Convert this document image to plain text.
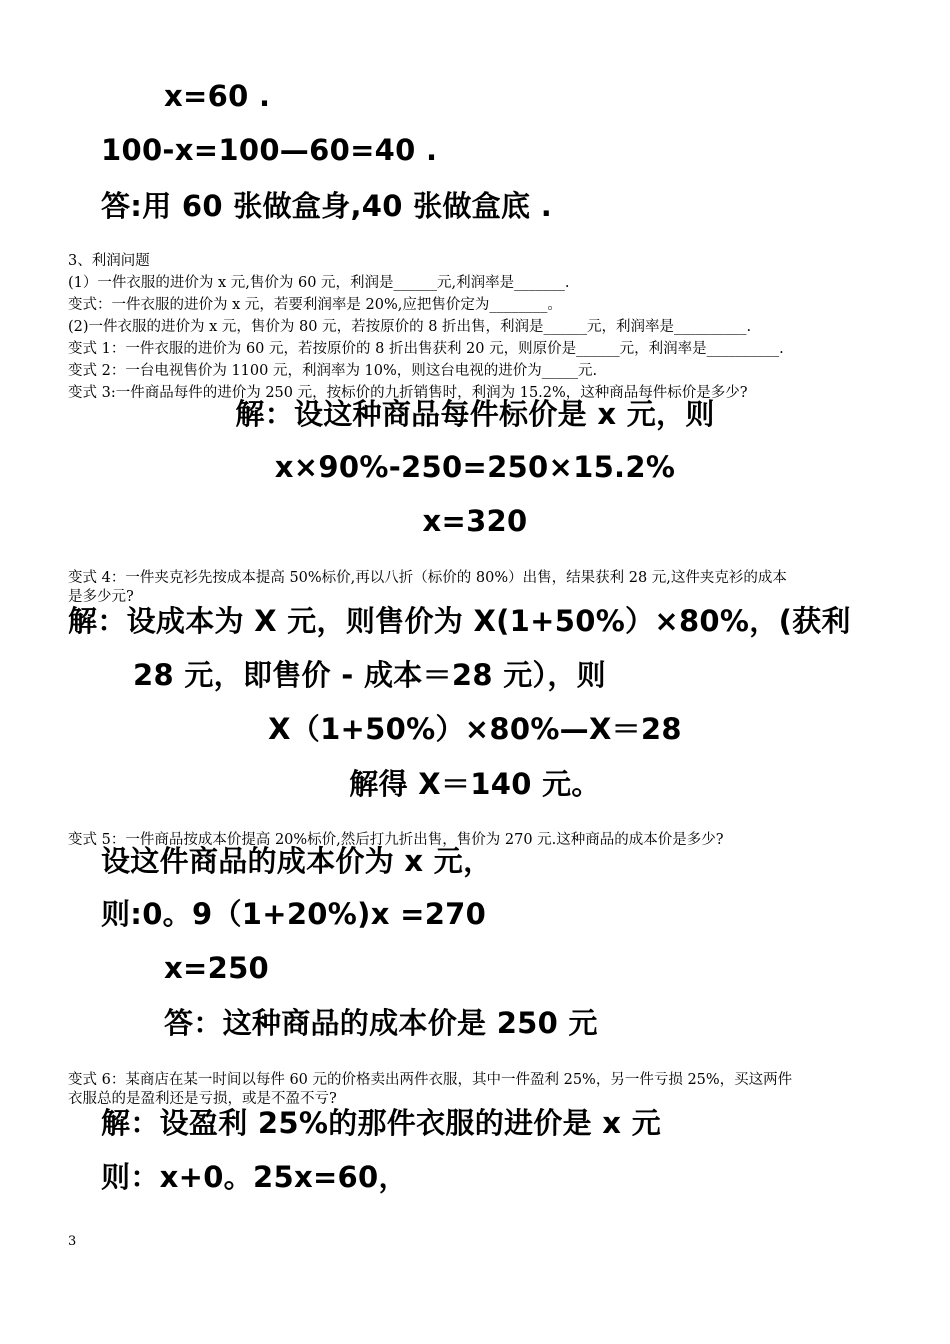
x=60 .
100-x=100—60=40 .
答:用 60 张做盒身,40 张做盒底 .
3、利润问题
(1）一件衣服的进价为 x 元,售价为 60 元，利润是______元,利润率是_______.
变式：一件衣服的进价为 x 元，若要利润率是 20%,应把售价定为________。
(2)一件衣服的进价为 x 元，售价为 80 元，若按原价的 8 折出售，利润是______元，利润率是__________.
变式 1：一件衣服的进价为 60 元，若按原价的 8 折出售获利 20 元，则原价是______元，利润率是__________.
变式 2：一台电视售价为 1100 元，利润率为 10%，则这台电视的进价为_____元.
变式 3:一件商品每件的进价为 250 元，按标价的九折销售时，利润为 15.2%，这种商品每件标价是多少?
解：设这种商品每件标价是 x 元，则
x×90%-250=250×15.2%
x=320
变式 4：一件夹克衫先按成本提高 50%标价,再以八折（标价的 80%）出售，结果获利 28 元,这件夹克衫的成本
是多少元?
解：设成本为 X 元，则售价为 X(1+50%）×80%，(获利
28 元，即售价 - 成本＝28 元），则
X（1+50%）×80%—X＝28
解得 X＝140 元。
变式 5：一件商品按成本价提高 20%标价,然后打九折出售，售价为 270 元.这种商品的成本价是多少?
设这件商品的成本价为 x 元，
则:0。9（1+20%)x =270
x=250
答：这种商品的成本价是 250 元
变式 6：某商店在某一时间以每件 60 元的价格卖出两件衣服，其中一件盈利 25%，另一件亏损 25%，买这两件
衣服总的是盈利还是亏损，或是不盈不亏?
解：设盈利 25%的那件衣服的进价是 x 元
则：x+0。25x=60，
3
